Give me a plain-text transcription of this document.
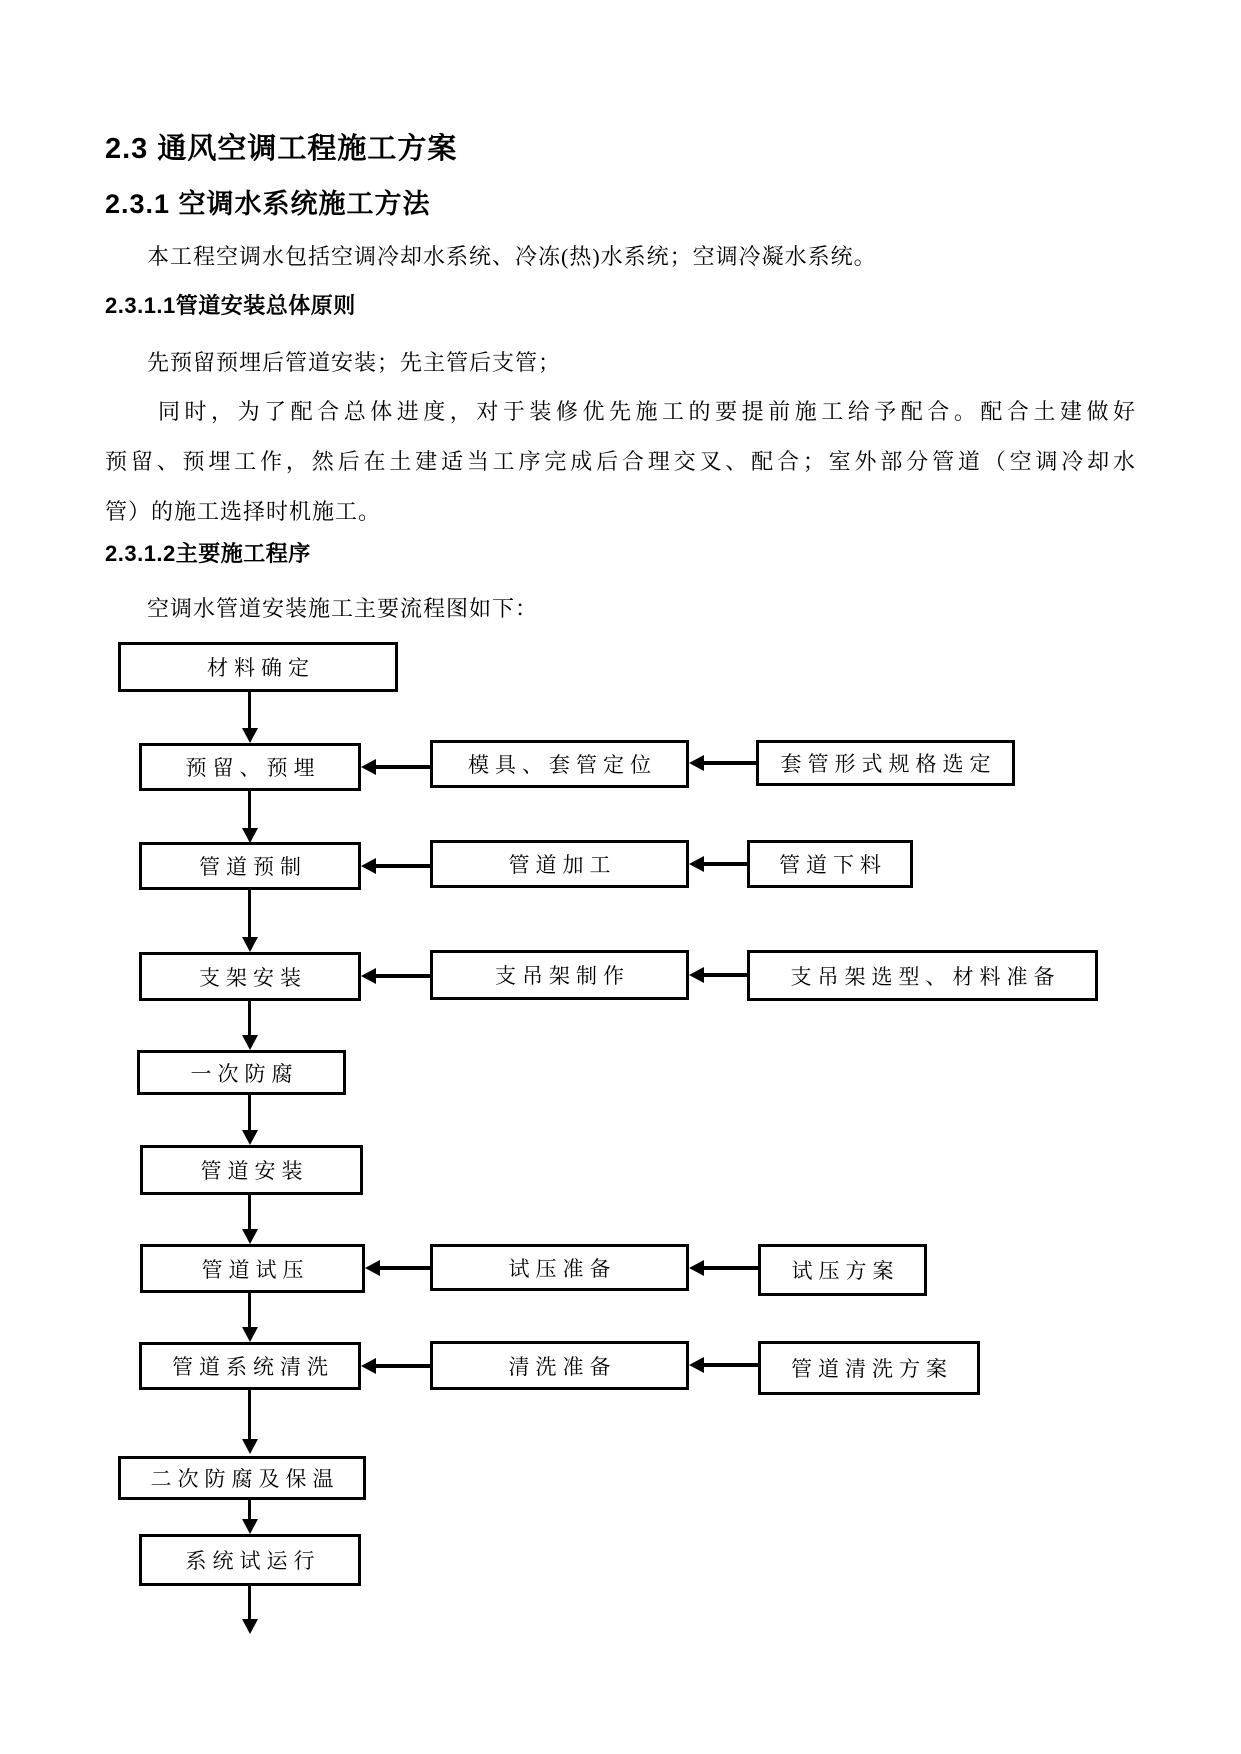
2.3 通风空调工程施工方案
2.3.1 空调水系统施工方法
本工程空调水包括空调冷却水系统、冷冻(热)水系统；空调冷凝水系统。
2.3.1.1管道安装总体原则
先预留预埋后管道安装；先主管后支管；
同时，为了配合总体进度，对于装修优先施工的要提前施工给予配合。配合土建做好
预留、预埋工作，然后在土建适当工序完成后合理交叉、配合；室外部分管道（空调冷却水
管）的施工选择时机施工。
2.3.1.2主要施工程序
空调水管道安装施工主要流程图如下：
材料确定
预留、预埋
管道预制
支架安装
一次防腐
管道安装
管道试压
管道系统清洗
二次防腐及保温
系统试运行
模具、套管定位
管道加工
支吊架制作
试压准备
清洗准备
套管形式规格选定
管道下料
支吊架选型、材料准备
试压方案
管道清洗方案
